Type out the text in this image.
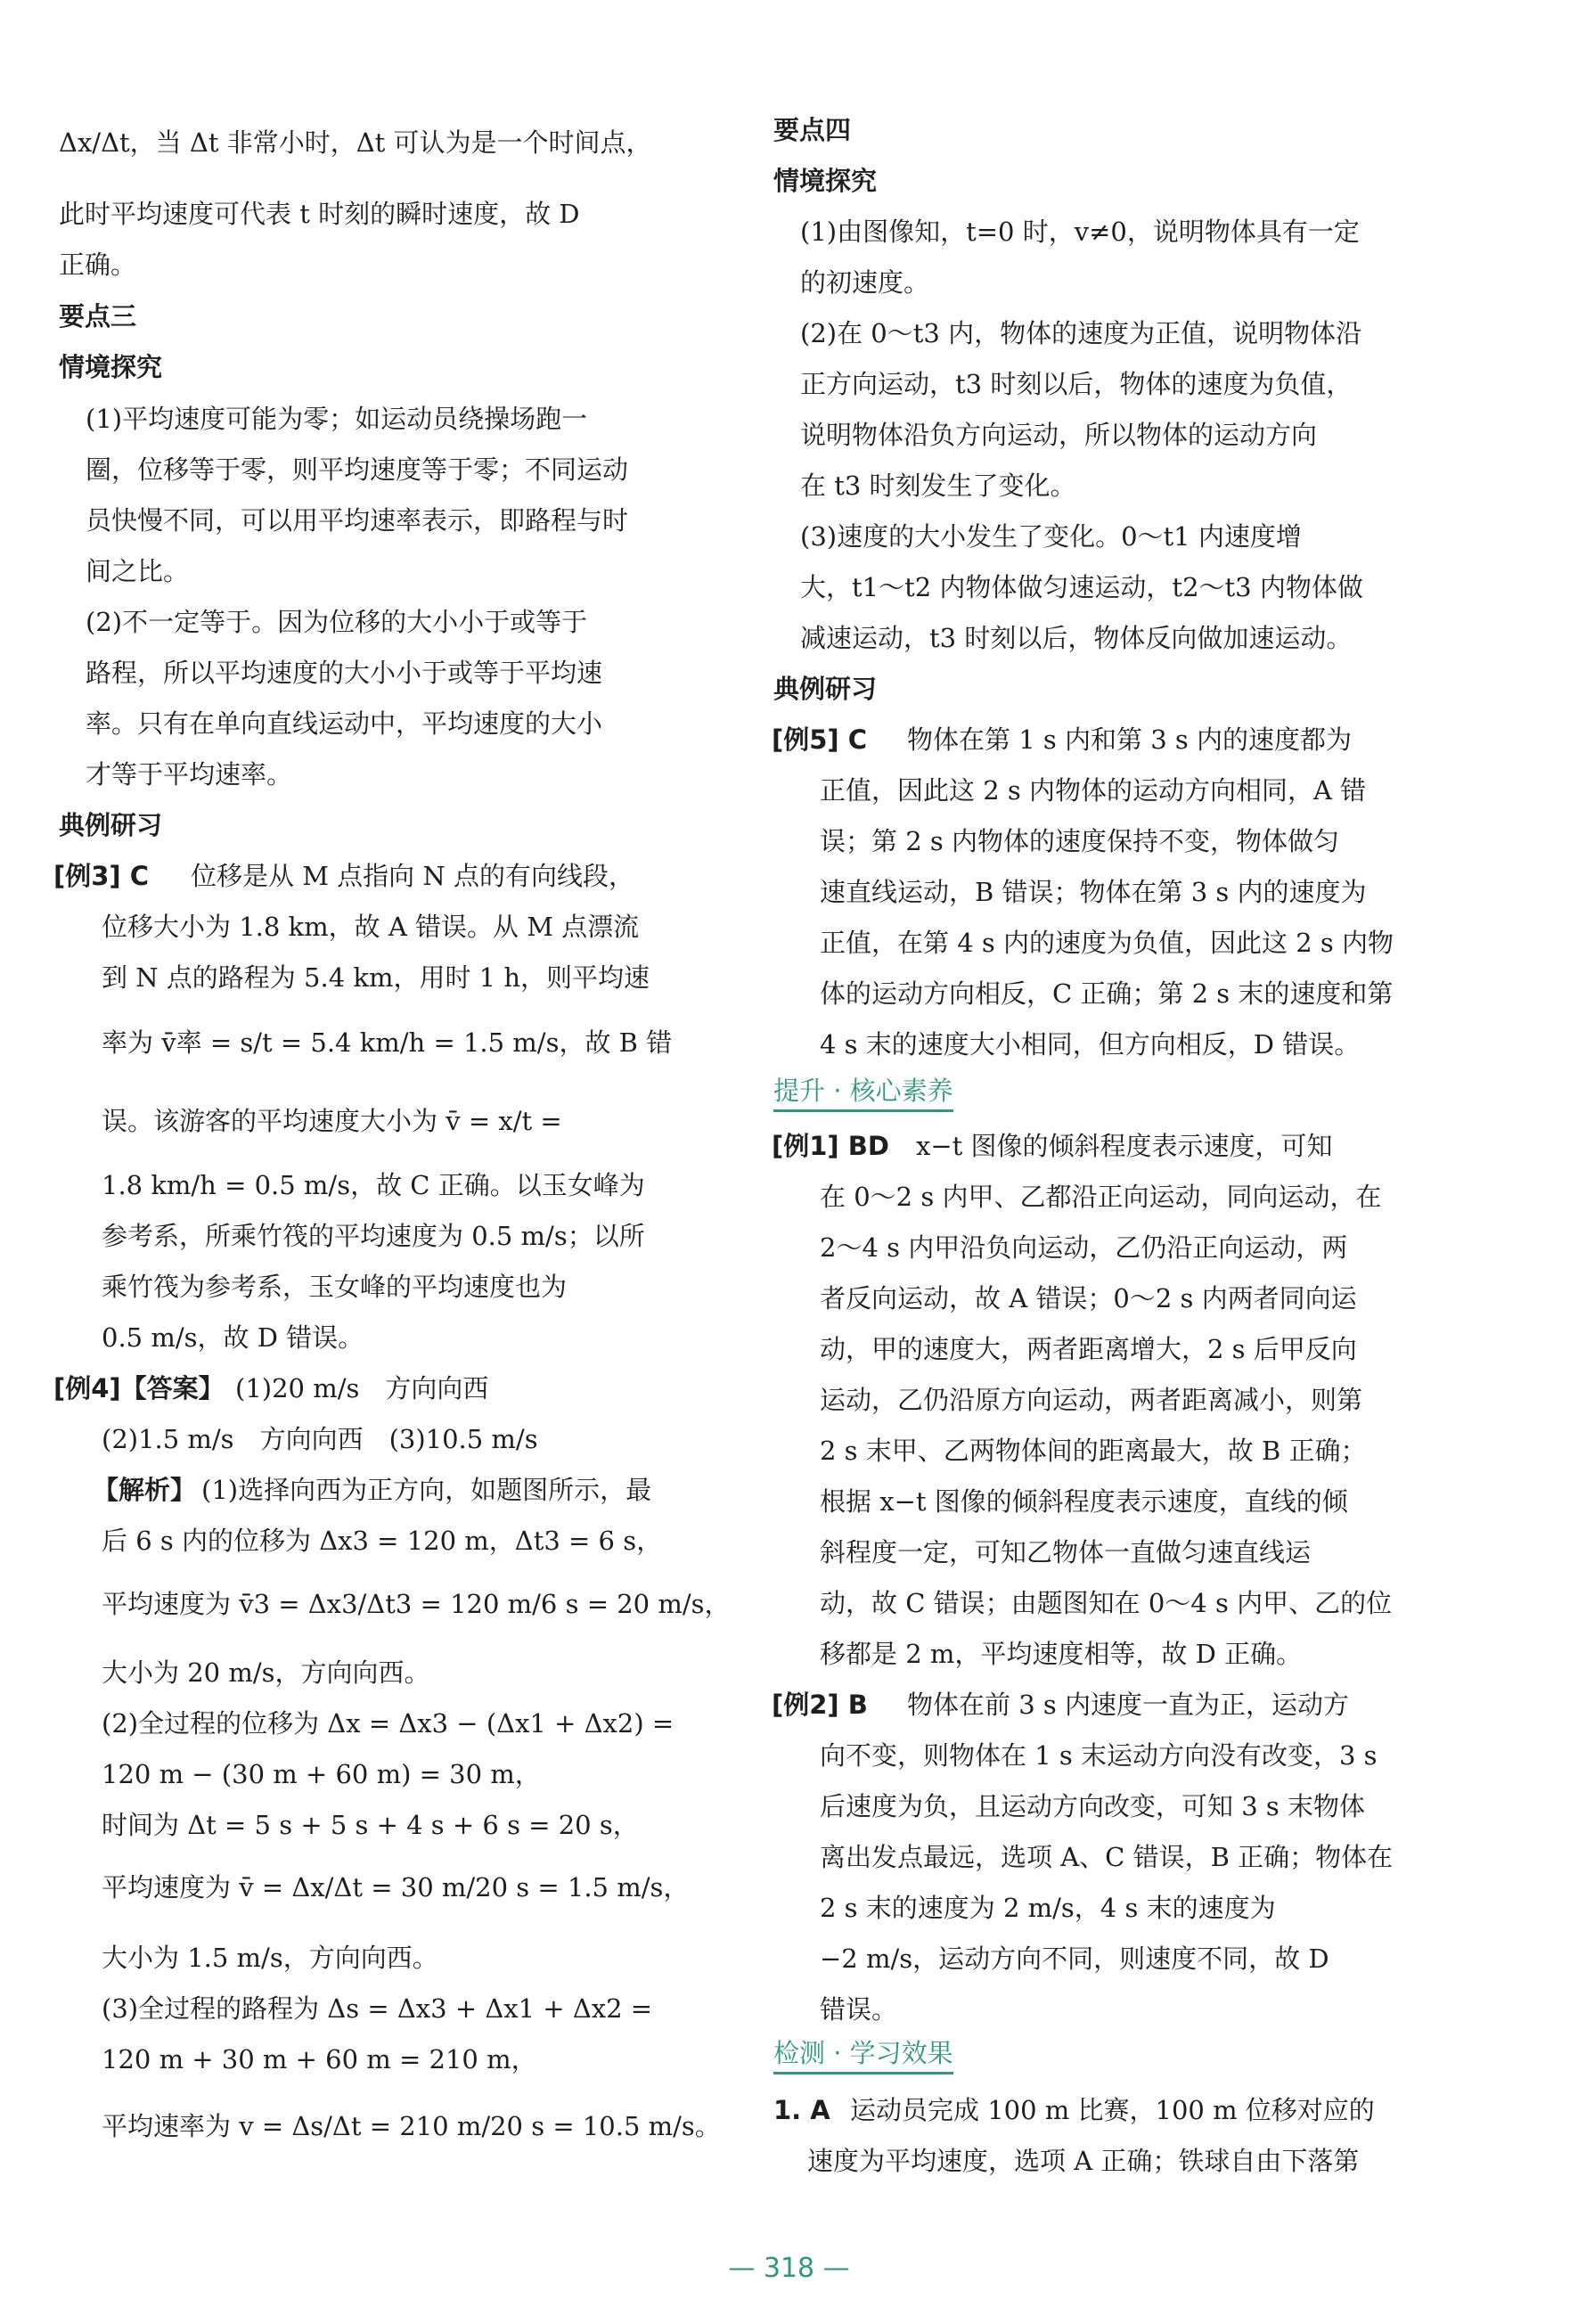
Δx/Δt，当 Δt 非常小时，Δt 可认为是一个时间点，
此时平均速度可代表 t 时刻的瞬时速度，故 D
正确。
要点三
情境探究
(1)平均速度可能为零；如运动员绕操场跑一
圈，位移等于零，则平均速度等于零；不同运动
员快慢不同，可以用平均速率表示，即路程与时
间之比。
(2)不一定等于。因为位移的大小小于或等于
路程，所以平均速度的大小小于或等于平均速
率。只有在单向直线运动中，平均速度的大小
才等于平均速率。
典例研习
[例3] C 位移是从 M 点指向 N 点的有向线段，
位移大小为 1.8 km，故 A 错误。从 M 点漂流
到 N 点的路程为 5.4 km，用时 1 h，则平均速
率为 v̄率 = s/t = 5.4 km/h = 1.5 m/s，故 B 错
误。该游客的平均速度大小为 v̄ = x/t =
1.8 km/h = 0.5 m/s，故 C 正确。以玉女峰为
参考系，所乘竹筏的平均速度为 0.5 m/s；以所
乘竹筏为参考系，玉女峰的平均速度也为
0.5 m/s，故 D 错误。
[例4]【答案】 (1)20 m/s　方向向西
(2)1.5 m/s　方向向西　(3)10.5 m/s
【解析】 (1)选择向西为正方向，如题图所示，最
后 6 s 内的位移为 Δx3 = 120 m，Δt3 = 6 s，
平均速度为 v̄3 = Δx3/Δt3 = 120 m/6 s = 20 m/s，
大小为 20 m/s，方向向西。
(2)全过程的位移为 Δx = Δx3 − (Δx1 + Δx2) =
120 m − (30 m + 60 m) = 30 m，
时间为 Δt = 5 s + 5 s + 4 s + 6 s = 20 s，
平均速度为 v̄ = Δx/Δt = 30 m/20 s = 1.5 m/s，
大小为 1.5 m/s，方向向西。
(3)全过程的路程为 Δs = Δx3 + Δx1 + Δx2 =
120 m + 30 m + 60 m = 210 m，
平均速率为 v = Δs/Δt = 210 m/20 s = 10.5 m/s。
要点四
情境探究
(1)由图像知，t=0 时，v≠0，说明物体具有一定
的初速度。
(2)在 0～t3 内，物体的速度为正值，说明物体沿
正方向运动，t3 时刻以后，物体的速度为负值，
说明物体沿负方向运动，所以物体的运动方向
在 t3 时刻发生了变化。
(3)速度的大小发生了变化。0～t1 内速度增
大，t1～t2 内物体做匀速运动，t2～t3 内物体做
减速运动，t3 时刻以后，物体反向做加速运动。
典例研习
[例5] C 物体在第 1 s 内和第 3 s 内的速度都为
正值，因此这 2 s 内物体的运动方向相同，A 错
误；第 2 s 内物体的速度保持不变，物体做匀
速直线运动，B 错误；物体在第 3 s 内的速度为
正值，在第 4 s 内的速度为负值，因此这 2 s 内物
体的运动方向相反，C 正确；第 2 s 末的速度和第
4 s 末的速度大小相同，但方向相反，D 错误。
提升 · 核心素养
[例1] BD x−t 图像的倾斜程度表示速度，可知
在 0～2 s 内甲、乙都沿正向运动，同向运动，在
2～4 s 内甲沿负向运动，乙仍沿正向运动，两
者反向运动，故 A 错误；0～2 s 内两者同向运
动，甲的速度大，两者距离增大，2 s 后甲反向
运动，乙仍沿原方向运动，两者距离减小，则第
2 s 末甲、乙两物体间的距离最大，故 B 正确；
根据 x−t 图像的倾斜程度表示速度，直线的倾
斜程度一定，可知乙物体一直做匀速直线运
动，故 C 错误；由题图知在 0～4 s 内甲、乙的位
移都是 2 m，平均速度相等，故 D 正确。
[例2] B 物体在前 3 s 内速度一直为正，运动方
向不变，则物体在 1 s 末运动方向没有改变，3 s
后速度为负，且运动方向改变，可知 3 s 末物体
离出发点最远，选项 A、C 错误，B 正确；物体在
2 s 末的速度为 2 m/s，4 s 末的速度为
−2 m/s，运动方向不同，则速度不同，故 D
错误。
检测 · 学习效果
1. A 运动员完成 100 m 比赛，100 m 位移对应的
速度为平均速度，选项 A 正确；铁球自由下落第
— 318 —
